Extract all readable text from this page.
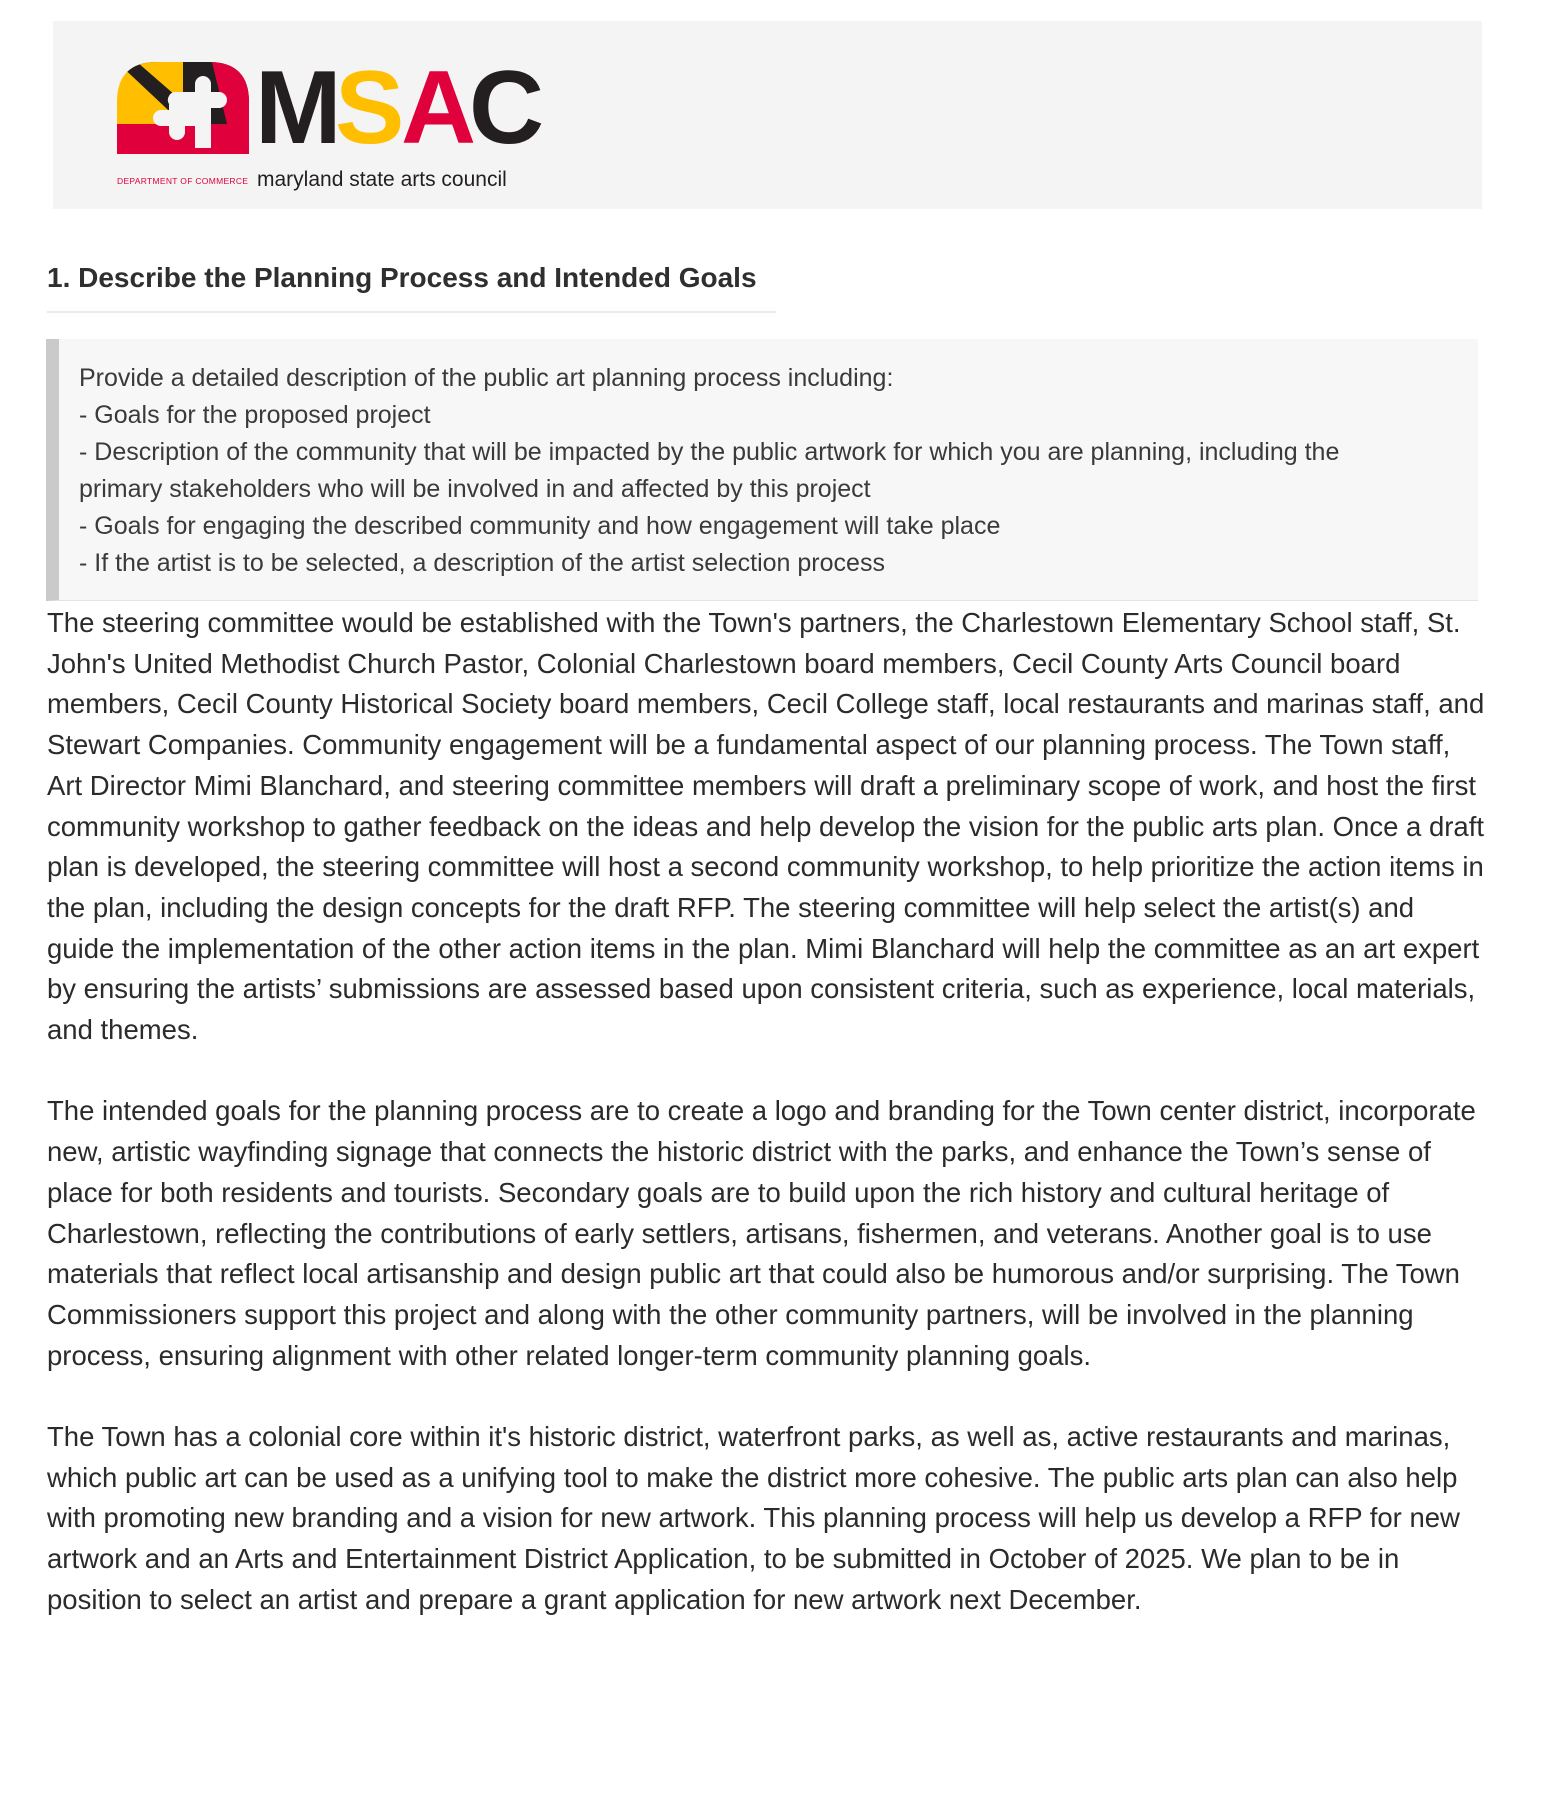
M
S
A
C
maryland state arts council
DEPARTMENT OF COMMERCE
1. Describe the Planning Process and Intended Goals
Provide a detailed description of the public art planning process including:
- Goals for the proposed project
- Description of the community that will be impacted by the public artwork for which you are planning, including the primary stakeholders who will be involved in and affected by this project
- Goals for engaging the described community and how engagement will take place
- If the artist is to be selected, a description of the artist selection process

The steering committee would be established with the Town's partners, the Charlestown Elementary School staff, St. John's United Methodist Church Pastor, Colonial Charlestown board members, Cecil County Arts Council board members, Cecil County Historical Society board members, Cecil College staff, local restaurants and marinas staff, and Stewart Companies. Community engagement will be a fundamental aspect of our planning process. The Town staff, Art Director Mimi Blanchard, and steering committee members will draft a preliminary scope of work, and host the first community workshop to gather feedback on the ideas and help develop the vision for the public arts plan. Once a draft plan is developed, the steering committee will host a second community workshop, to help prioritize the action items in the plan, including the design concepts for the draft RFP. The steering committee will help select the artist(s) and guide the implementation of the other action items in the plan. Mimi Blanchard will help the committee as an art expert by ensuring the artists’ submissions are assessed based upon consistent criteria, such as experience, local materials, and themes.

The intended goals for the planning process are to create a logo and branding for the Town center district, incorporate new, artistic wayfinding signage that connects the historic district with the parks, and enhance the Town’s sense of place for both residents and tourists. Secondary goals are to build upon the rich history and cultural heritage of Charlestown, reflecting the contributions of early settlers, artisans, fishermen, and veterans. Another goal is to use materials that reflect local artisanship and design public art that could also be humorous and/or surprising. The Town Commissioners support this project and along with the other community partners, will be involved in the planning process, ensuring alignment with other related longer-term community planning goals.

The Town has a colonial core within it's historic district, waterfront parks, as well as, active restaurants and marinas, which public art can be used as a unifying tool to make the district more cohesive. The public arts plan can also help with promoting new branding and a vision for new artwork. This planning process will help us develop a RFP for new artwork and an Arts and Entertainment District Application, to be submitted in October of 2025. We plan to be in position to select an artist and prepare a grant application for new artwork next December.
